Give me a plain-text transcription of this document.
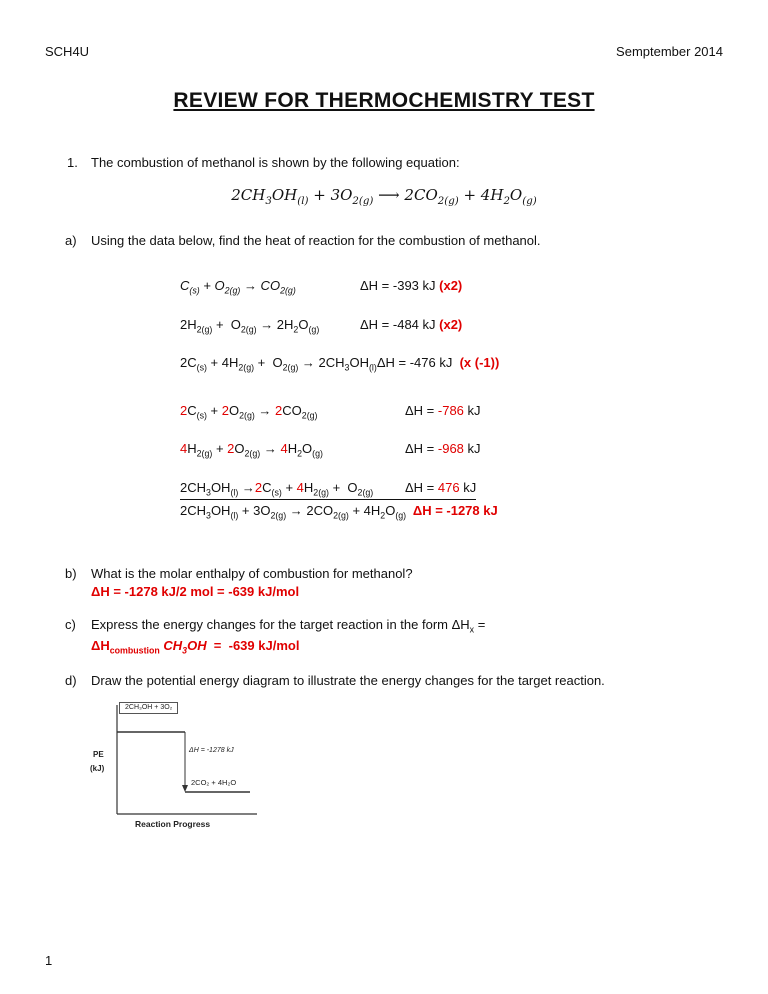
SCH4U	Semptember 2014
REVIEW FOR THERMOCHEMISTRY TEST
1.	The combustion of methanol is shown by the following equation:
$2CH_3OH_{(l)} + 3O_{2(g)}$ ⟶ $2CO_{2(g)} + 4H_2O_{(g)}$
a)	Using the data below, find the heat of reaction for the combustion of methanol.
$C_{(s)} + O_{2(g)} \to CO_{2(g)}$	ΔH = -393 kJ (x2)
$2H_{2(g)} + O_{2(g)} \to 2H_2O_{(g)}$	ΔH = -484 kJ (x2)
$2C_{(s)} + 4H_{2(g)} + O_{2(g)} \to 2CH_3OH_{(l)}$ ΔH = -476 kJ  (x (-1))
$2C_{(s)} + 2O_{2(g)} \to 2CO_{2(g)}$	ΔH = -786 kJ
$4H_{2(g)} + 2O_{2(g)} \to 4H_2O_{(g)}$	ΔH = -968 kJ
$2CH_3OH_{(l)} \to 2C_{(s)} + 4H_{2(g)} + O_{2(g)}$	ΔH = 476 kJ
$2CH_3OH_{(l)} + 3O_{2(g)} \to 2CO_{2(g)} + 4H_2O_{(g)}$ ΔH = -1278 kJ
b)	What is the molar enthalpy of combustion for methanol?
ΔH = -1278 kJ/2 mol = -639 kJ/mol
c)	Express the energy changes for the target reaction in the form $\Delta H_x$ =
$\Delta H_{combustion}$ $CH_3OH = -639$ kJ/mol
d)	Draw the potential energy diagram to illustrate the energy changes for the target reaction.
2CH₃OH + 3O₂
PE
(kJ)
ΔH = -1278 kJ
2CO₂ + 4H₂O
Reaction Progress
1
